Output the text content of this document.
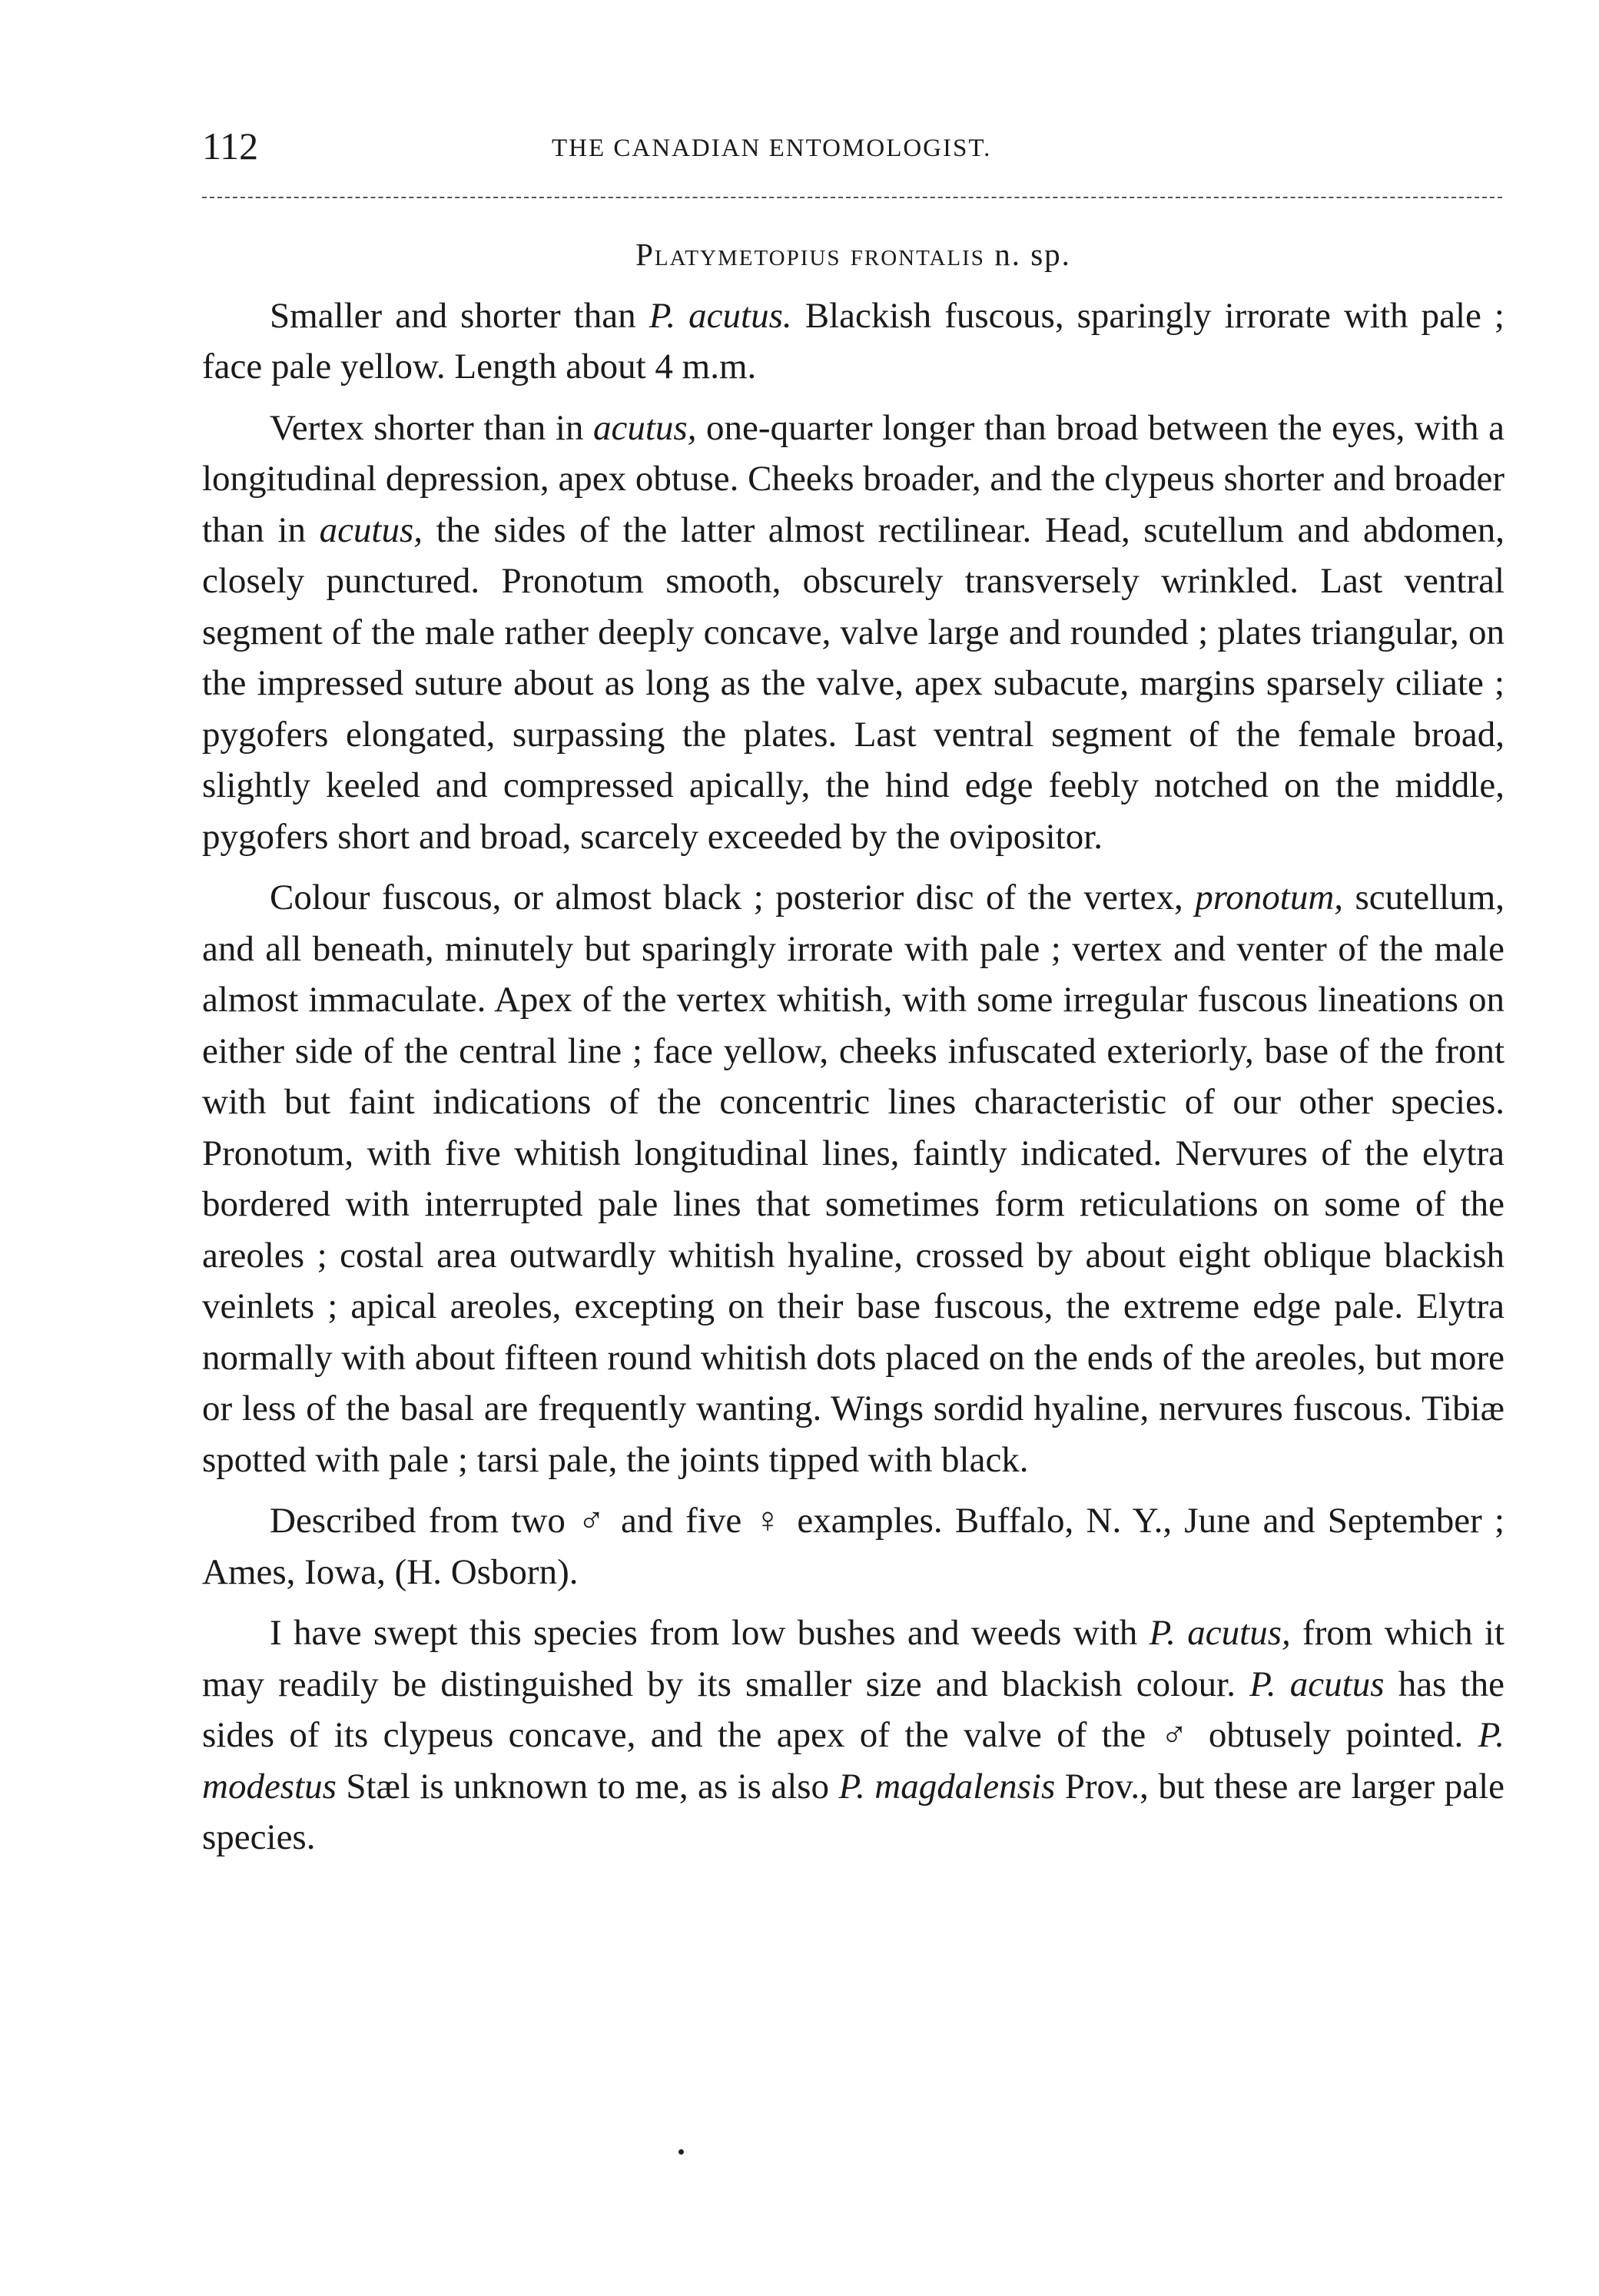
112	THE CANADIAN ENTOMOLOGIST.
Platymetopius frontalis n. sp.

Smaller and shorter than P. acutus. Blackish fuscous, sparingly irrorate with pale ; face pale yellow. Length about 4 m.m.

Vertex shorter than in acutus, one-quarter longer than broad between the eyes, with a longitudinal depression, apex obtuse. Cheeks broader, and the clypeus shorter and broader than in acutus, the sides of the latter almost rectilinear. Head, scutellum and abdomen, closely punctured. Pronotum smooth, obscurely transversely wrinkled. Last ventral segment of the male rather deeply concave, valve large and rounded ; plates triangular, on the impressed suture about as long as the valve, apex subacute, margins sparsely ciliate ; pygofers elongated, surpassing the plates. Last ventral segment of the female broad, slightly keeled and compressed apically, the hind edge feebly notched on the middle, pygofers short and broad, scarcely exceeded by the ovipositor.

Colour fuscous, or almost black ; posterior disc of the vertex, pronotum, scutellum, and all beneath, minutely but sparingly irrorate with pale ; vertex and venter of the male almost immaculate. Apex of the vertex whitish, with some irregular fuscous lineations on either side of the central line ; face yellow, cheeks infuscated exteriorly, base of the front with but faint indications of the concentric lines characteristic of our other species. Pronotum, with five whitish longitudinal lines, faintly indicated. Nervures of the elytra bordered with interrupted pale lines that sometimes form reticulations on some of the areoles ; costal area outwardly whitish hyaline, crossed by about eight oblique blackish veinlets ; apical areoles, excepting on their base fuscous, the extreme edge pale. Elytra normally with about fifteen round whitish dots placed on the ends of the areoles, but more or less of the basal are frequently wanting. Wings sordid hyaline, nervures fuscous. Tibiæ spotted with pale ; tarsi pale, the joints tipped with black.

Described from two ♂ and five ♀ examples. Buffalo, N. Y., June and September ; Ames, Iowa, (H. Osborn).

I have swept this species from low bushes and weeds with P. acutus, from which it may readily be distinguished by its smaller size and blackish colour. P. acutus has the sides of its clypeus concave, and the apex of the valve of the ♂ obtusely pointed. P. modestus Stæl is unknown to me, as is also P. magdalensis Prov., but these are larger pale species.
